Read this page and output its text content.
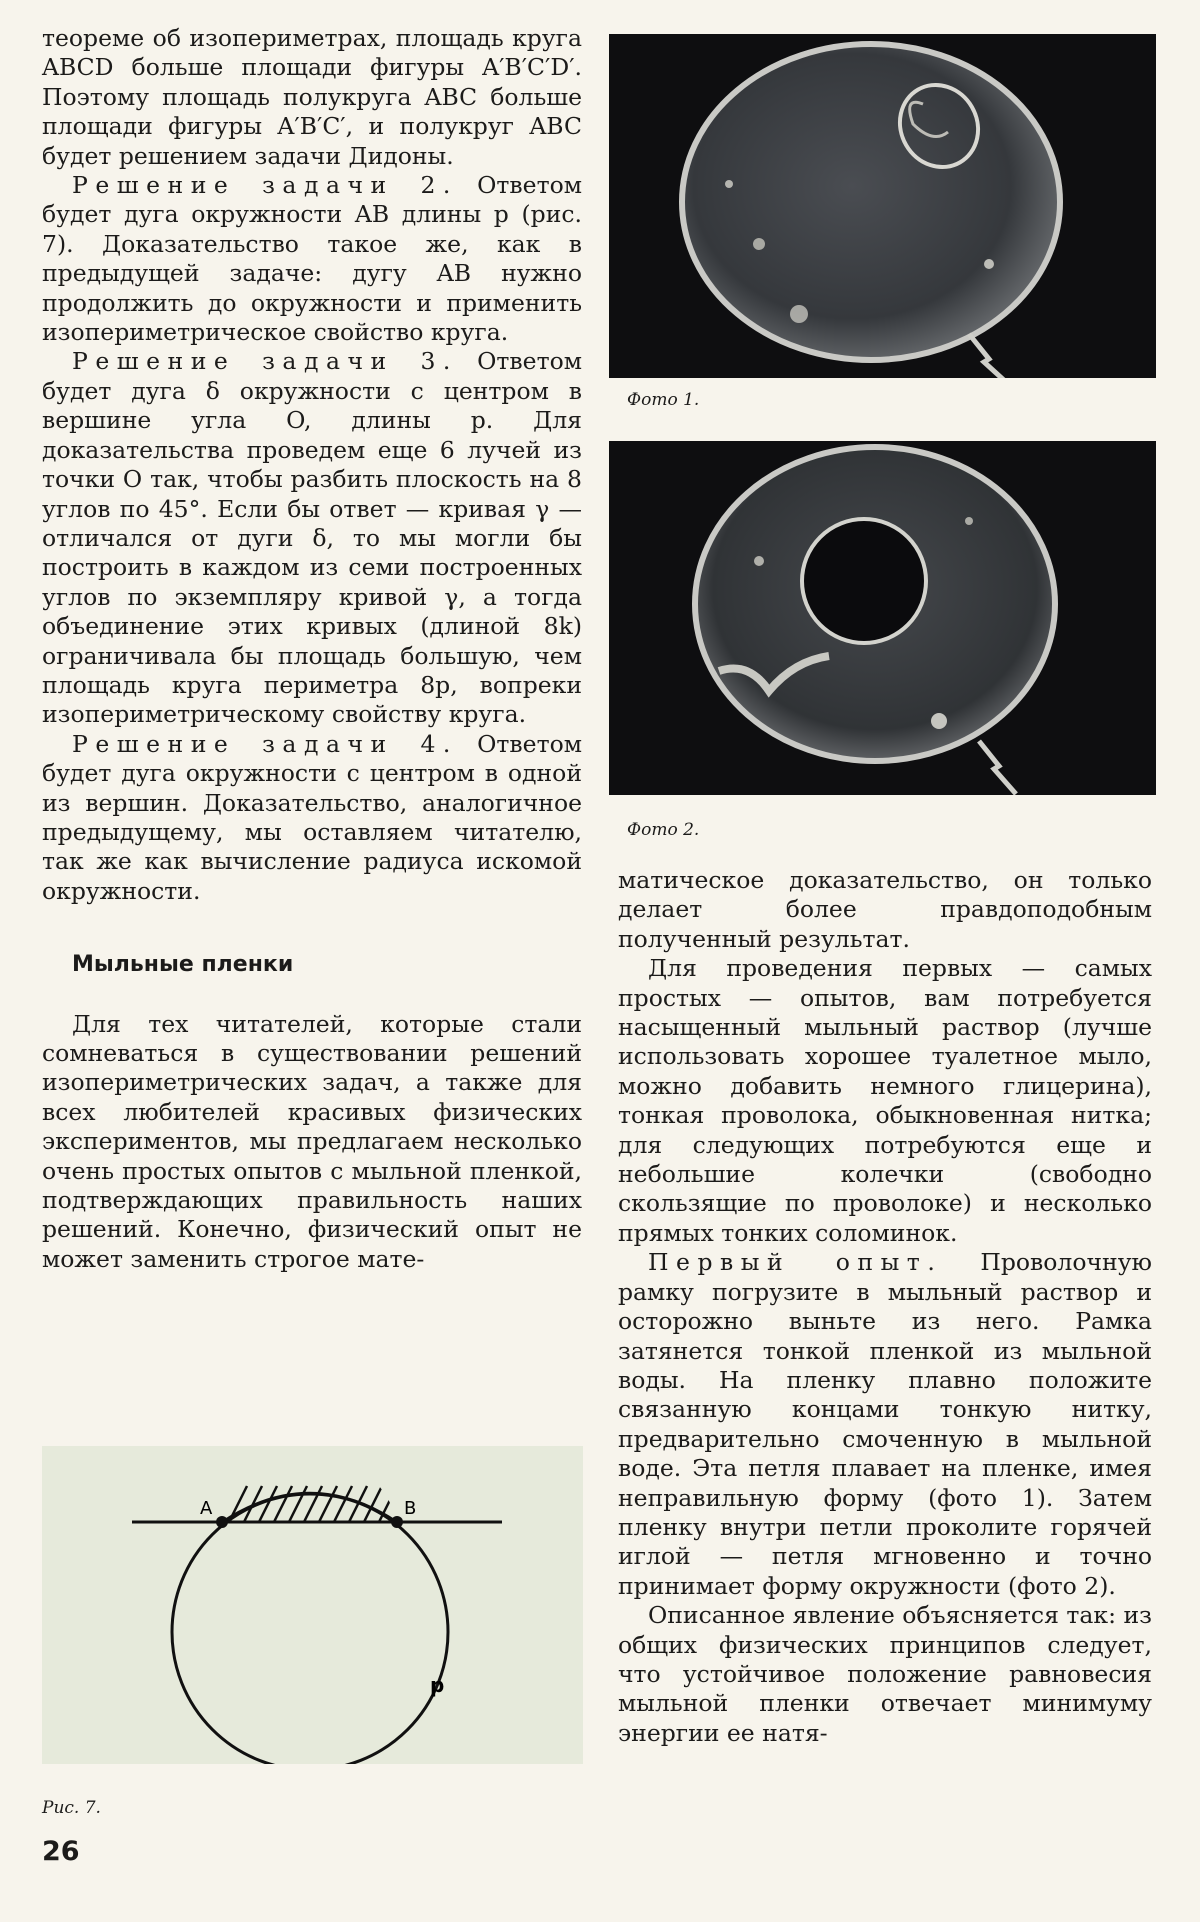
теореме об изопериметрах, площадь круга ABCD больше площади фигуры A′B′C′D′. Поэтому площадь полукруга ABC больше площади фигуры A′B′C′, и полукруг ABC будет решением задачи Дидоны.

Решение задачи 2. Ответом будет дуга окружности AB длины p (рис. 7). Доказательство такое же, как в предыдущей задаче: дугу AB нужно продолжить до окружности и применить изопериметрическое свойство круга.

Решение задачи 3. Ответом будет дуга δ окружности с центром в вершине угла O, длины p. Для доказательства проведем еще 6 лучей из точки O так, чтобы разбить плоскость на 8 углов по 45°. Если бы ответ — кривая γ — отличался от дуги δ, то мы могли бы построить в каждом из семи построенных углов по экземпляру кривой γ, а тогда объединение этих кривых (длиной 8k) ограничивала бы площадь большую, чем площадь круга периметра 8p, вопреки изопериметрическому свойству круга.

Решение задачи 4. Ответом будет дуга окружности с центром в одной из вершин. Доказательство, аналогичное предыдущему, мы оставляем читателю, так же как вычисление радиуса искомой окружности.

Мыльные пленки

Для тех читателей, которые стали сомневаться в существовании решений изопериметрических задач, а также для всех любителей красивых физических экспериментов, мы предлагаем несколько очень простых опытов с мыльной пленкой, подтверждающих правильность наших решений. Конечно, физический опыт не может заменить строгое мате-

Фото 1.
Фото 2.

матическое доказательство, он только делает более правдоподобным полученный результат.

Для проведения первых — самых простых — опытов, вам потребуется насыщенный мыльный раствор (лучше использовать хорошее туалетное мыло, можно добавить немного глицерина), тонкая проволока, обыкновенная нитка; для следующих потребуются еще и небольшие колечки (свободно скользящие по проволоке) и несколько прямых тонких соломинок.

Первый опыт. Проволочную рамку погрузите в мыльный раствор и осторожно выньте из него. Рамка затянется тонкой пленкой из мыльной воды. На пленку плавно положите связанную концами тонкую нитку, предварительно смоченную в мыльной воде. Эта петля плавает на пленке, имея неправильную форму (фото 1). Затем пленку внутри петли проколите горячей иглой — петля мгновенно и точно принимает форму окружности (фото 2).

Описанное явление объясняется так: из общих физических принципов следует, что устойчивое положение равновесия мыльной пленки отвечает минимуму энергии ее натя-

A	B
p
Рис. 7.
26
